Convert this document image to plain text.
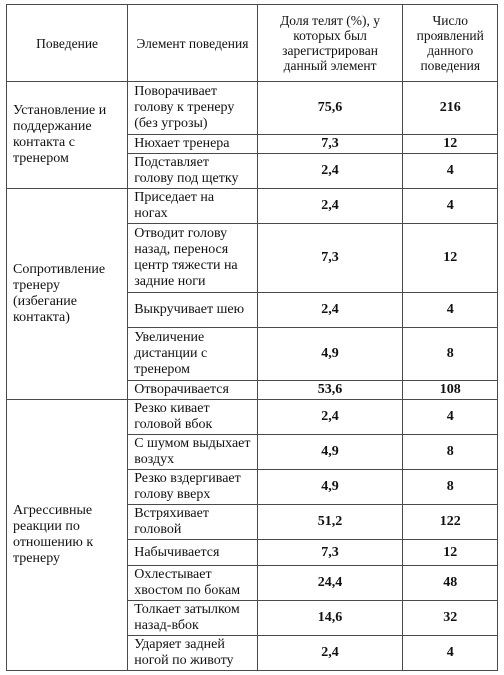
Поведение	Элемент поведения	Доля телят (%), у которых был зарегистрирован данный элемент	Число проявлений данного поведения
Установление и поддержание контакта с тренером	Поворачивает голову к тренеру (без угрозы)	75,6	216
	Нюхает тренера	7,3	12
	Подставляет голову под щетку	2,4	4
Сопротивление тренеру (избегание контакта)	Приседает на ногах	2,4	4
	Отводит голову назад, перенося центр тяжести на задние ноги	7,3	12
	Выкручивает шею	2,4	4
	Увеличение дистанции с тренером	4,9	8
	Отворачивается	53,6	108
Агрессивные реакции по отношению к тренеру	Резко кивает головой вбок	2,4	4
	С шумом выдыхает воздух	4,9	8
	Резко вздергивает голову вверх	4,9	8
	Встряхивает головой	51,2	122
	Набычивается	7,3	12
	Охлестывает хвостом по бокам	24,4	48
	Толкает затылком назад-вбок	14,6	32
	Ударяет задней ногой по животу	2,4	4
